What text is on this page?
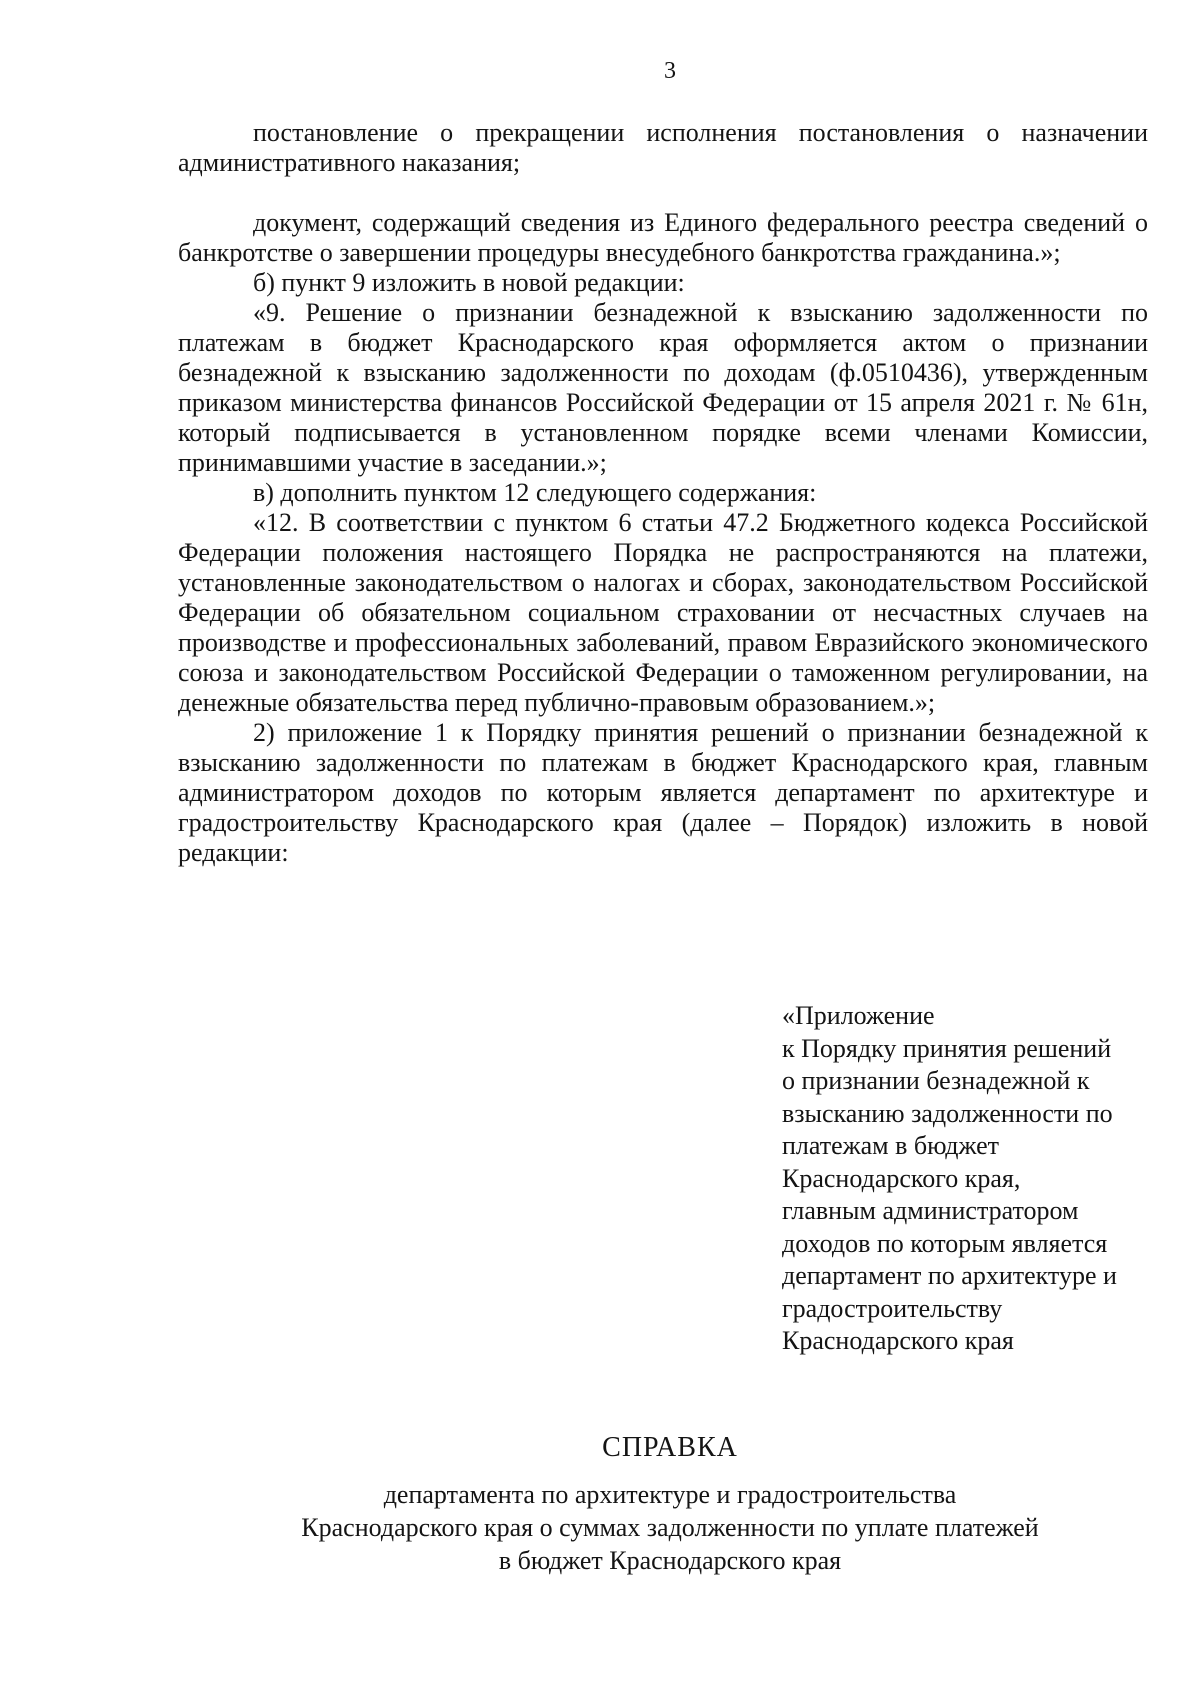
3

постановление о прекращении исполнения постановления о назначении административного наказания;

документ, содержащий сведения из Единого федерального реестра сведений о банкротстве о завершении процедуры внесудебного банкротства гражданина.»;

б) пункт 9 изложить в новой редакции:

«9. Решение о признании безнадежной к взысканию задолженности по платежам в бюджет Краснодарского края оформляется актом о признании безнадежной к взысканию задолженности по доходам (ф.0510436), утвержденным приказом министерства финансов Российской Федерации от 15 апреля 2021 г. № 61н, который подписывается в установленном порядке всеми членами Комиссии, принимавшими участие в заседании.»;

в) дополнить пунктом 12 следующего содержания:

«12. В соответствии с пунктом 6 статьи 47.2 Бюджетного кодекса Российской Федерации положения настоящего Порядка не распространяются на платежи, установленные законодательством о налогах и сборах, законодательством Российской Федерации об обязательном социальном страховании от несчастных случаев на производстве и профессиональных заболеваний, правом Евразийского экономического союза и законодательством Российской Федерации о таможенном регулировании, на денежные обязательства перед публично-правовым образованием.»;

2) приложение 1 к Порядку принятия решений о признании безнадежной к взысканию задолженности по платежам в бюджет Краснодарского края, главным администратором доходов по которым является департамент по архитектуре и градостроительству Краснодарского края (далее – Порядок) изложить в новой редакции:

«Приложение
к Порядку принятия решений
о признании безнадежной к
взысканию задолженности по
платежам в бюджет
Краснодарского края,
главным администратором
доходов по которым является
департамент по архитектуре и
градостроительству
Краснодарского края
СПРАВКА
департамента по архитектуре и градостроительства
Краснодарского края о суммах задолженности по уплате платежей
в бюджет Краснодарского края
